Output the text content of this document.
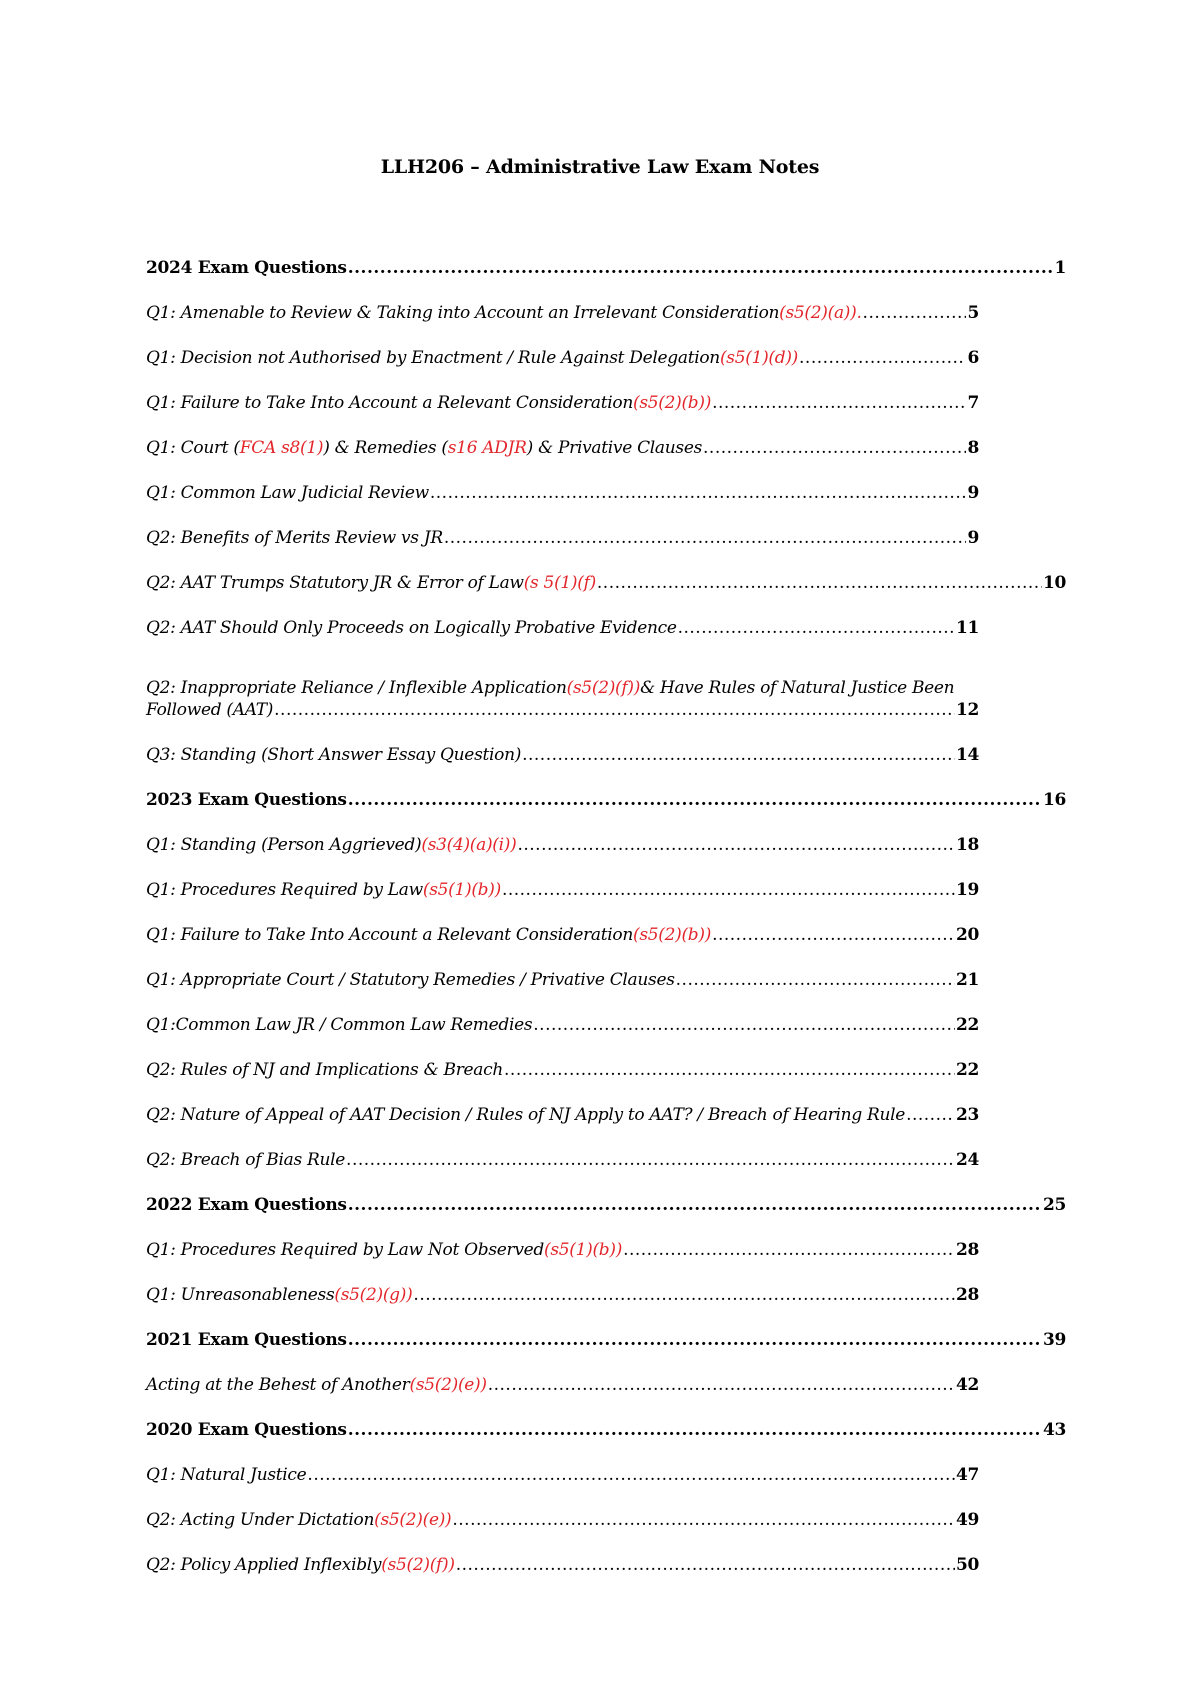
LLH206 – Administrative Law Exam Notes
2024 Exam Questions .....	1
Q1: Amenable to Review & Taking into Account an Irrelevant Consideration (s5(2)(a)). .....	5
Q1: Decision not Authorised by Enactment / Rule Against Delegation (s5(1)(d)) .....	6
Q1: Failure to Take Into Account a Relevant Consideration (s5(2)(b)) .....	7
Q1: Court ( FCA s8(1) ) & Remedies ( s16 ADJR ) & Privative Clauses .....	8
Q1: Common Law Judicial Review .....	9
Q2: Benefits of Merits Review vs JR .....	9
Q2: AAT Trumps Statutory JR & Error of Law (s 5(1)(f) .....	10
Q2: AAT Should Only Proceeds on Logically Probative Evidence .....	11
Q2: Inappropriate Reliance / Inflexible Application (s5(2)(f)) & Have Rules of Natural Justice Been
Followed (AAT) .....	12
Q3: Standing (Short Answer Essay Question) .....	14
2023 Exam Questions .....	16
Q1: Standing (Person Aggrieved) (s3(4)(a)(i)) .....	18
Q1: Procedures Required by Law (s5(1)(b)) .....	19
Q1: Failure to Take Into Account a Relevant Consideration (s5(2)(b)) .....	20
Q1: Appropriate Court / Statutory Remedies / Privative Clauses .....	21
Q1:Common Law JR / Common Law Remedies .....	22
Q2: Rules of NJ and Implications & Breach .....	22
Q2: Nature of Appeal of AAT Decision / Rules of NJ Apply to AAT? / Breach of Hearing Rule .....	23
Q2: Breach of Bias Rule .....	24
2022 Exam Questions .....	25
Q1: Procedures Required by Law Not Observed (s5(1)(b)) .....	28
Q1: Unreasonableness (s5(2)(g)) .....	28
2021 Exam Questions .....	39
Acting at the Behest of Another (s5(2)(e)) .....	42
2020 Exam Questions .....	43
Q1: Natural Justice .....	47
Q2: Acting Under Dictation (s5(2)(e)) .....	49
Q2: Policy Applied Inflexibly (s5(2)(f)) .....	50
